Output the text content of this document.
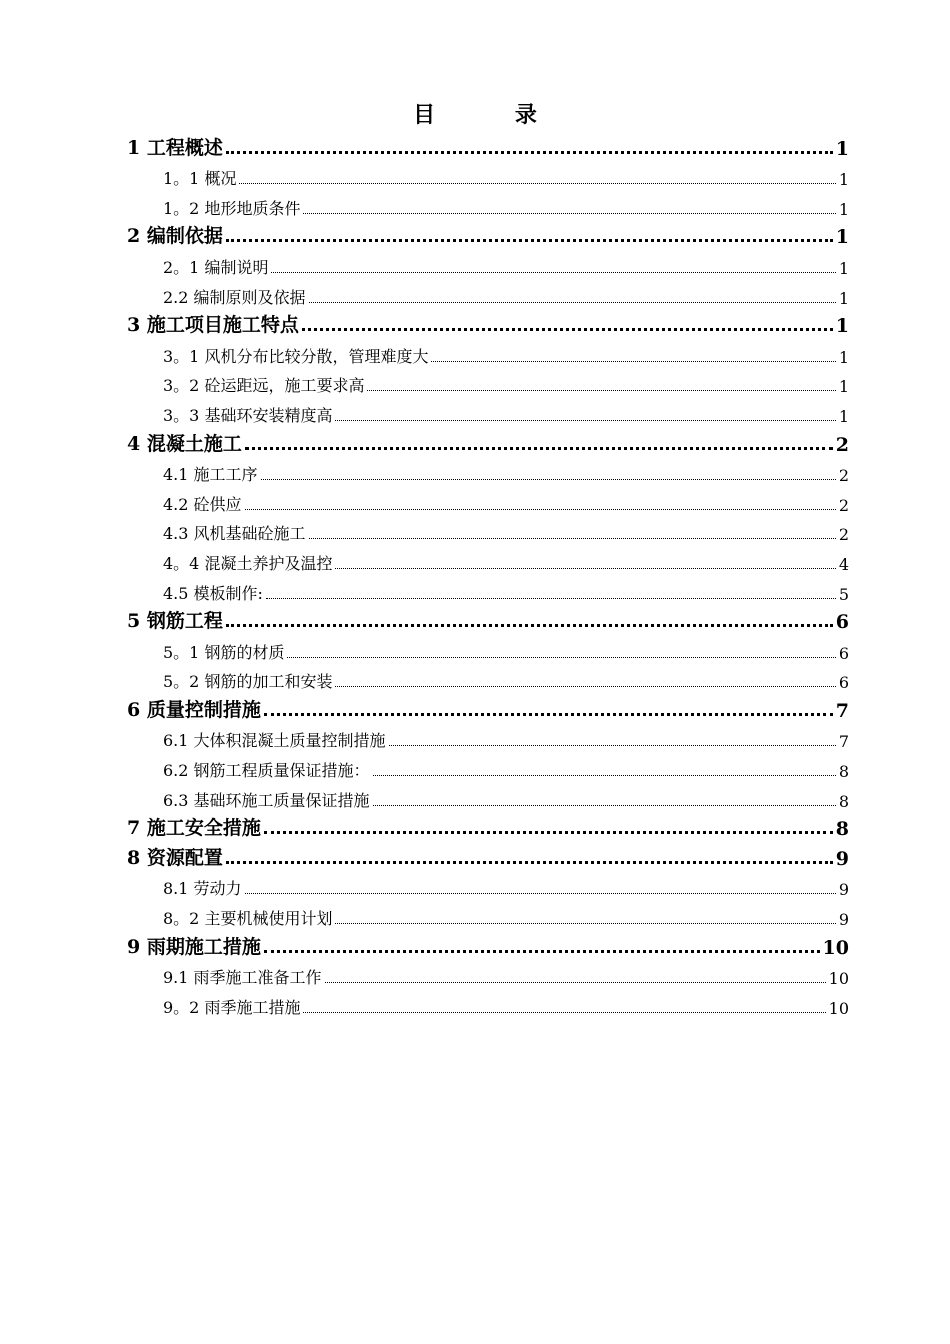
目 录
1 工程概述	1
1。1 概况	1
1。2 地形地质条件	1
2 编制依据	1
2。1 编制说明	1
2.2 编制原则及依据	1
3 施工项目施工特点	1
3。1 风机分布比较分散，管理难度大	1
3。2 砼运距远，施工要求高	1
3。3 基础环安装精度高	1
4 混凝土施工	2
4.1 施工工序	2
4.2 砼供应	2
4.3 风机基础砼施工	2
4。4 混凝土养护及温控	4
4.5 模板制作:	5
5 钢筋工程	6
5。1 钢筋的材质	6
5。2 钢筋的加工和安装	6
6 质量控制措施	7
6.1 大体积混凝土质量控制措施	7
6.2 钢筋工程质量保证措施：	8
6.3 基础环施工质量保证措施	8
7 施工安全措施	8
8 资源配置	9
8.1 劳动力	9
8。2 主要机械使用计划	9
9 雨期施工措施	10
9.1 雨季施工准备工作	10
9。2 雨季施工措施	10
